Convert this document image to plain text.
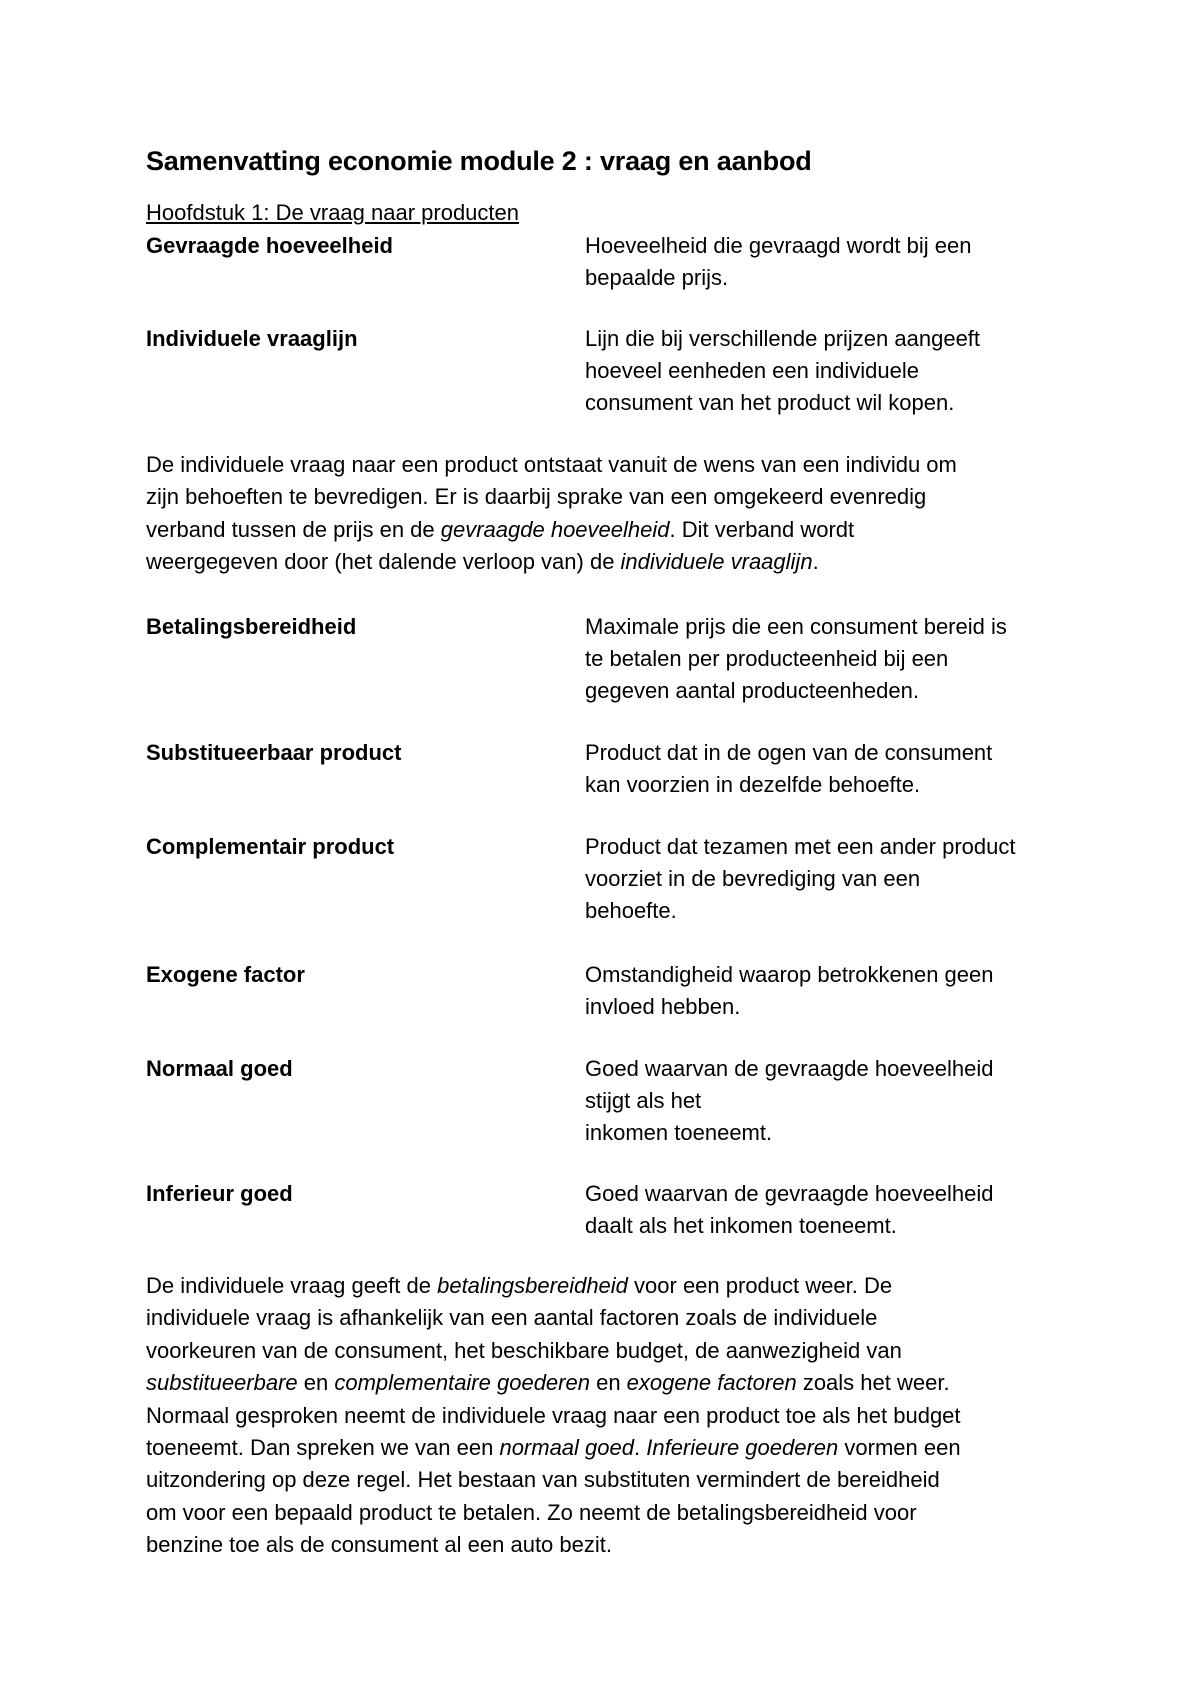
Samenvatting economie module 2 : vraag en aanbod
Hoofdstuk 1: De vraag naar producten
Gevraagde hoeveelheid	Hoeveelheid die gevraagd wordt bij een
bepaalde prijs.
Individuele vraaglijn	Lijn die bij verschillende prijzen aangeeft
hoeveel eenheden een individuele
consument van het product wil kopen.
De individuele vraag naar een product ontstaat vanuit de wens van een individu om
zijn behoeften te bevredigen. Er is daarbij sprake van een omgekeerd evenredig
verband tussen de prijs en de gevraagde hoeveelheid. Dit verband wordt
weergegeven door (het dalende verloop van) de individuele vraaglijn.
Betalingsbereidheid	Maximale prijs die een consument bereid is
te betalen per producteenheid bij een
gegeven aantal producteenheden.
Substitueerbaar product	Product dat in de ogen van de consument
kan voorzien in dezelfde behoefte.
Complementair product	Product dat tezamen met een ander product
voorziet in de bevrediging van een
behoefte.
Exogene factor	Omstandigheid waarop betrokkenen geen
invloed hebben.
Normaal goed	Goed waarvan de gevraagde hoeveelheid
stijgt als het
inkomen toeneemt.
Inferieur goed	Goed waarvan de gevraagde hoeveelheid
daalt als het inkomen toeneemt.
De individuele vraag geeft de betalingsbereidheid voor een product weer. De
individuele vraag is afhankelijk van een aantal factoren zoals de individuele
voorkeuren van de consument, het beschikbare budget, de aanwezigheid van
substitueerbare en complementaire goederen en exogene factoren zoals het weer.
Normaal gesproken neemt de individuele vraag naar een product toe als het budget
toeneemt. Dan spreken we van een normaal goed. Inferieure goederen vormen een
uitzondering op deze regel. Het bestaan van substituten vermindert de bereidheid
om voor een bepaald product te betalen. Zo neemt de betalingsbereidheid voor
benzine toe als de consument al een auto bezit.
